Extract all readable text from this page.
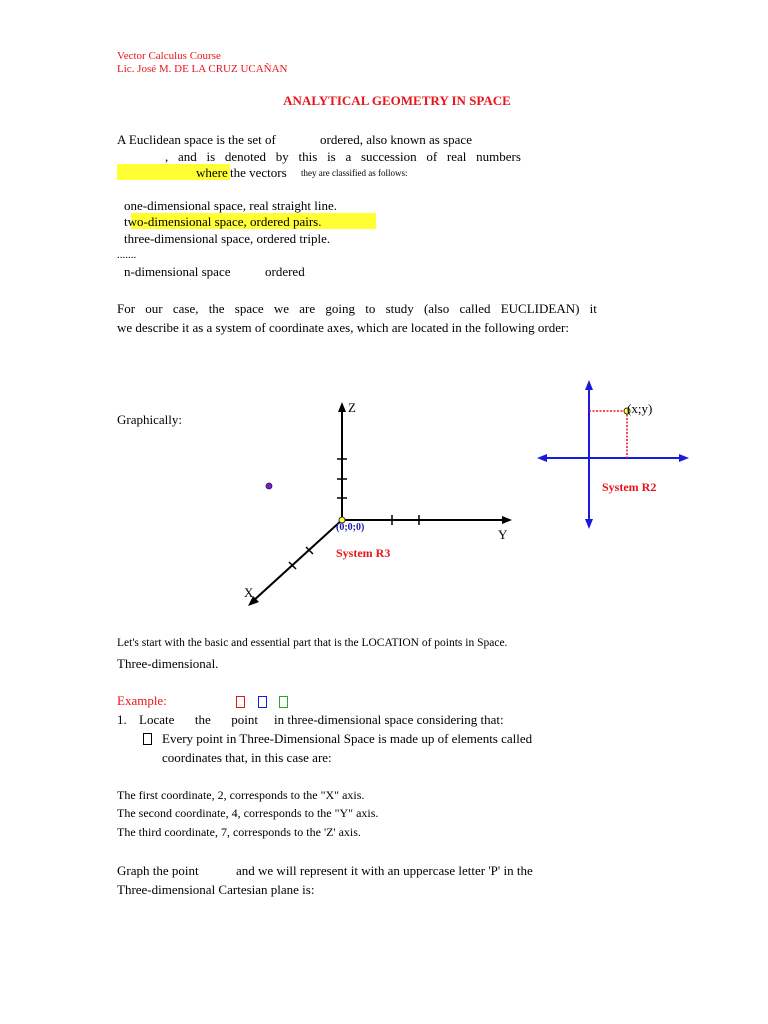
Vector Calculus Course
Lic. José M. DE LA CRUZ UCAÑAN
ANALYTICAL GEOMETRY IN SPACE
A Euclidean space is the set of	ordered, also known as space
, and is denoted by this is a succession of real numbers
where the vectors they are classified as follows:
one-dimensional space, real straight line.
two-dimensional space, ordered pairs.
three-dimensional space, ordered triple.
.......
n-dimensional space	ordered
For our case, the space we are going to study (also called EUCLIDEAN) it
we describe it as a system of coordinate axes, which are located in the following order:
Graphically:
Z
Y
X
(0;0;0)
System R3
(x;y)
System R2
Let's start with the basic and essential part that is the LOCATION of points in Space.
Three-dimensional.
Example:

1. Locate the point in three-dimensional space considering that:
Every point in Three-Dimensional Space is made up of elements called
coordinates that, in this case are:
The first coordinate, 2, corresponds to the "X" axis.
The second coordinate, 4, corresponds to the "Y" axis.
The third coordinate, 7, corresponds to the 'Z' axis.
Graph the point	and we will represent it with an uppercase letter 'P' in the
Three-dimensional Cartesian plane is:
